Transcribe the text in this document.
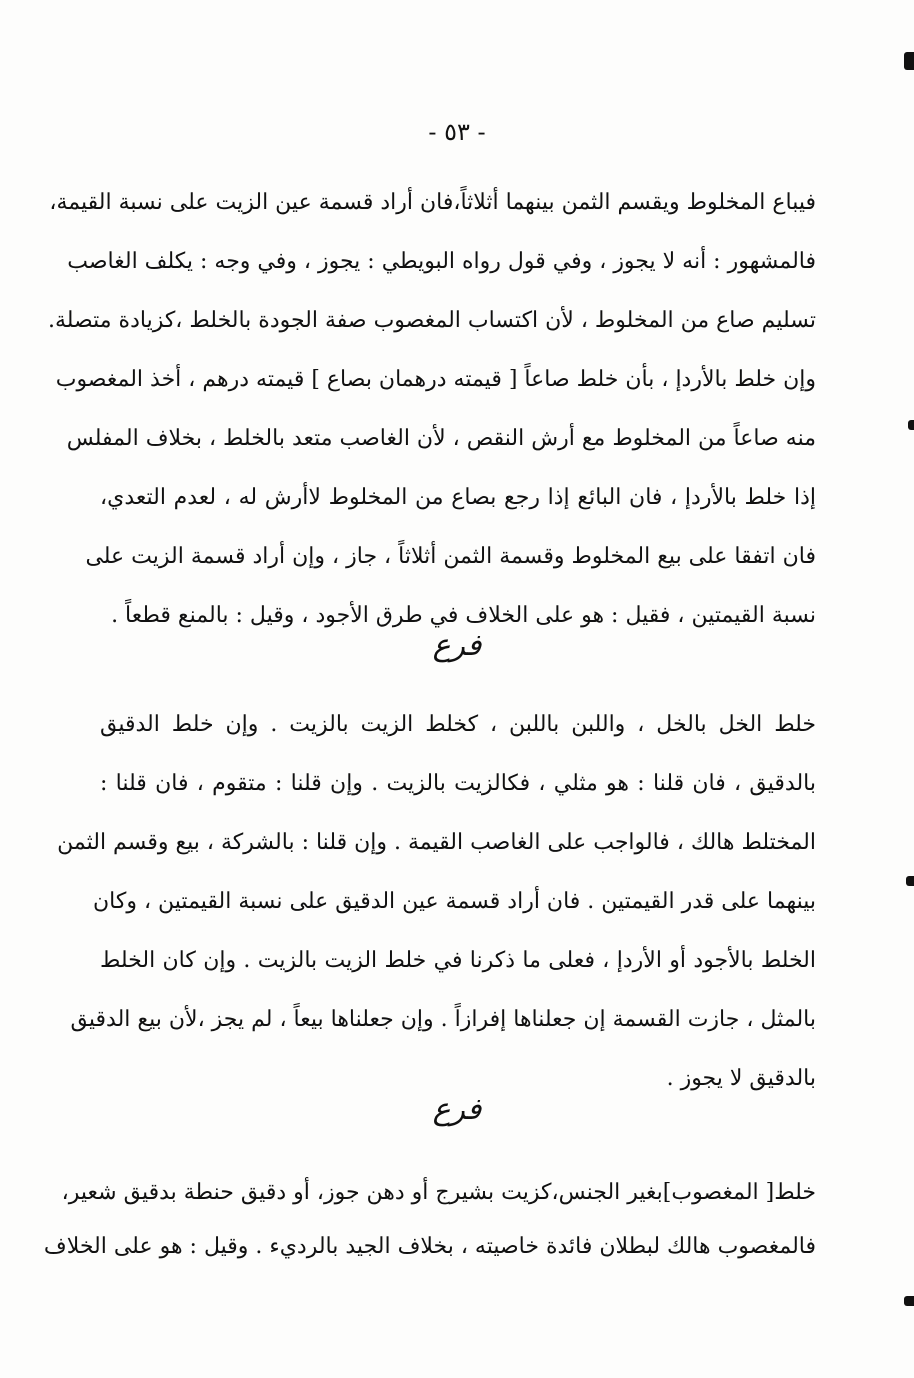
- ٥٣ -
فيباع المخلوط ويقسم الثمن بينهما أثلاثاً،فان أراد قسمة عين الزيت على نسبة القيمة،
فالمشهور : أنه لا يجوز ، وفي قول رواه البويطي : يجوز ، وفي وجه : يكلف الغاصب
تسليم صاع من المخلوط ، لأن اكتساب المغصوب صفة الجودة بالخلط ،كزيادة متصلة.
وإن خلط بالأردإ ، بأن خلط صاعاً [ قيمته درهمان بصاع ] قيمته درهم ، أخذ المغصوب
منه صاعاً من المخلوط مع أرش النقص ، لأن الغاصب متعد بالخلط ، بخلاف المفلس
إذا خلط بالأردإ ، فان البائع إذا رجع بصاع من المخلوط لاأرش له ، لعدم التعدي،
فان اتفقا على بيع المخلوط وقسمة الثمن أثلاثاً ، جاز ، وإن أراد قسمة الزيت على
نسبة القيمتين ، فقيل : هو على الخلاف في طرق الأجود ، وقيل : بالمنع قطعاً .
فرع
خلط الخل بالخل ، واللبن باللبن ، كخلط الزيت بالزيت . وإن خلط الدقيق
بالدقيق ، فان قلنا : هو مثلي ، فكالزيت بالزيت . وإن قلنا : متقوم ، فان قلنا :
المختلط هالك ، فالواجب على الغاصب القيمة . وإن قلنا : بالشركة ، بيع وقسم الثمن
بينهما على قدر القيمتين . فان أراد قسمة عين الدقيق على نسبة القيمتين ، وكان
الخلط بالأجود أو الأردإ ، فعلى ما ذكرنا في خلط الزيت بالزيت . وإن كان الخلط
بالمثل ، جازت القسمة إن جعلناها إفرازاً . وإن جعلناها بيعاً ، لم يجز ،لأن بيع الدقيق
بالدقيق لا يجوز .
فرع
خلط[ المغصوب]بغير الجنس،كزيت بشيرج أو دهن جوز، أو دقيق حنطة بدقيق شعير،
فالمغصوب هالك لبطلان فائدة خاصيته ، بخلاف الجيد بالرديء . وقيل : هو على الخلاف
